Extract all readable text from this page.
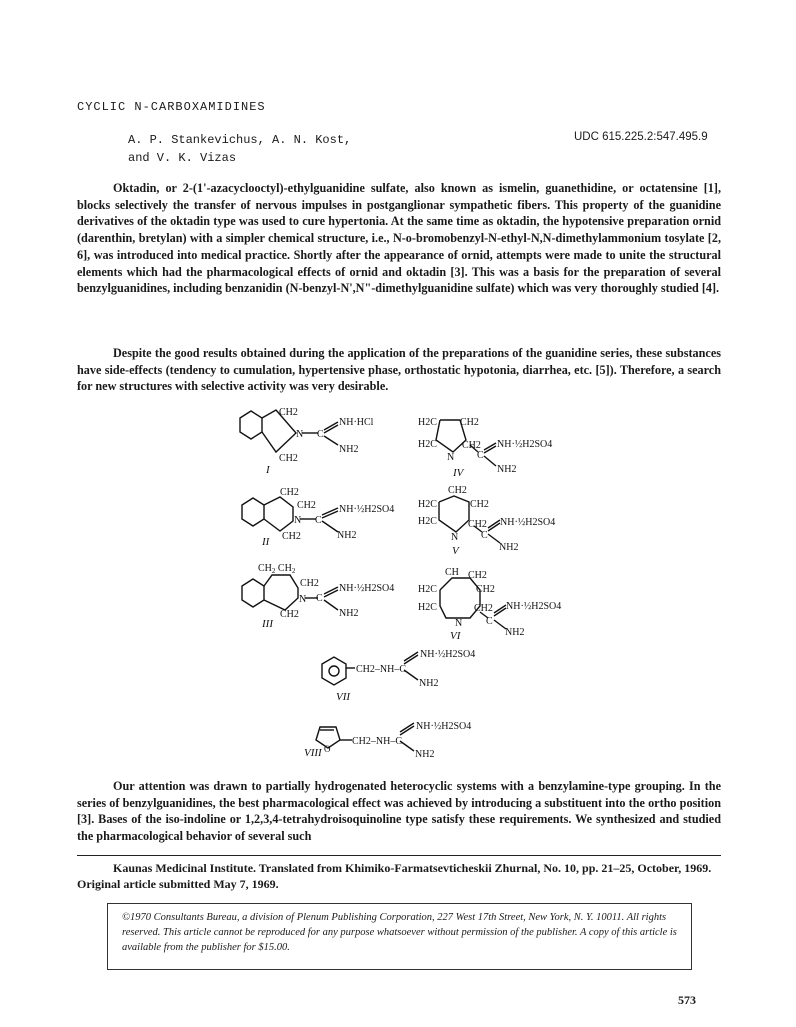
CYCLIC N-CARBOXAMIDINES
A. P. Stankevichus, A. N. Kost,
and V. K. Vizas
UDC 615.225.2:547.495.9

Oktadin, or 2-(1'-azacyclooctyl)-ethylguanidine sulfate, also known as ismelin, guanethidine, or octatensine [1], blocks selectively the transfer of nervous impulses in postganglionar sympathetic fibers. This property of the guanidine derivatives of the oktadin type was used to cure hypertonia. At the same time as oktadin, the hypotensive preparation ornid (darenthin, bretylan) with a simpler chemical structure, i.e., N-o-bromobenzyl-N-ethyl-N,N-dimethylammonium tosylate [2, 6], was introduced into medical practice. Shortly after the appearance of ornid, attempts were made to unite the structural elements which had the pharmacological effects of ornid and oktadin [3]. This was a basis for the preparation of several benzylguanidines, including benzanidin (N-benzyl-N',N"-dimethylguanidine sulfate) which was very thoroughly studied [4].

Despite the good results obtained during the application of the preparations of the guanidine series, these substances have side-effects (tendency to cumulation, hypertensive phase, orthostatic hypotonia, diarrhea, etc. [5]). Therefore, a search for new structures with selective activity was very desirable.

CH2
CH2
N C
NH·HCl
NH2
I
CH2
CH2
CH2
N C
NH·½H2SO4
NH2
II
$CH_2$ $CH_2$
CH2
CH2
N C
NH·½H2SO4
NH2
III
H2C CH2
H2C	CH2
N C
NH·½H2SO4
NH2
IV
CH2
H2C	CH2
H2C	CH2
N C
NH·½H2SO4
NH2
V
CH CH2
H2C	CH2
H2C	CH2
N C
NH·½H2SO4
NH2
VI
CH2–NH–C
NH·½H2SO4
NH2
VII
O
CH2–NH–C
NH·½H2SO4
NH2
VIII

Our attention was drawn to partially hydrogenated heterocyclic systems with a benzylamine-type grouping. In the series of benzylguanidines, the best pharmacological effect was achieved by introducing a substituent into the ortho position [3]. Bases of the iso-indoline or 1,2,3,4-tetrahydroisoquinoline type satisfy these requirements. We synthesized and studied the pharmacological behavior of several such

Kaunas Medicinal Institute. Translated from Khimiko-Farmatsevticheskii Zhurnal, No. 10, pp. 21–25, October, 1969. Original article submitted May 7, 1969.
©1970 Consultants Bureau, a division of Plenum Publishing Corporation, 227 West 17th Street, New York, N. Y. 10011. All rights reserved. This article cannot be reproduced for any purpose whatsoever without permission of the publisher. A copy of this article is available from the publisher for $15.00.
573
